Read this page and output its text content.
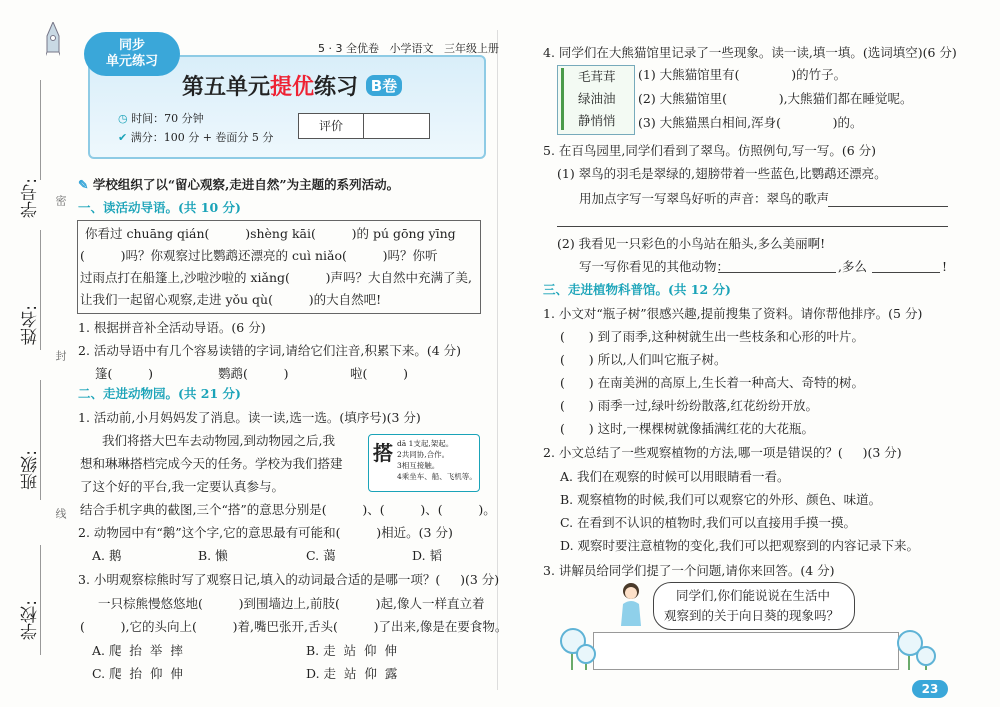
学号:
姓名:
班级:
学校:
密
封
线
5 · 3 全优卷   小学语文   三年级上册
同步
单元练习
第五单元提优练习 B卷
◷ 时间：70 分钟
✔ 满分：100 分 + 卷面分 5 分
评价
✎ 学校组织了以“留心观察,走进自然”为主题的系列活动。
一、读活动导语。(共 10 分)
你看过 chuāng qián(         )shèng kāi(         )的 pú gōng yīng
(         )吗？你观察过比鹦鹉还漂亮的 cuì niǎo(         )吗？你听
过雨点打在船篷上,沙啦沙啦的 xiǎng(         )声吗？大自然中充满了美,
让我们一起留心观察,走进 yǒu qù(         )的大自然吧!
1. 根据拼音补全活动导语。(6 分)
2. 活动导语中有几个容易读错的字词,请给它们注音,积累下来。(4 分)
篷(         )	鹦鹉(         )	啦(         )
二、走进动物园。(共 21 分)
1. 活动前,小月妈妈发了消息。读一读,选一选。(填序号)(3 分)
我们将搭大巴车去动物园,到动物园之后,我
想和琳琳搭档完成今天的任务。学校为我们搭建
了这个好的平台,我一定要认真参与。
搭 dā 1支起,架起。
2共同协,合作。
3相互接触。
4乘坐车、船、飞机等。
结合手机字典的截图,三个“搭”的意思分别是(         )、(         )、(         )。
2. 动物园中有“鹅”这个字,它的意思最有可能和(         )相近。(3 分)
A. 鹅	B. 懒	C. 蔼	D. 韬
3. 小明观察棕熊时写了观察日记,填入的动词最合适的是哪一项？(     )(3 分)
一只棕熊慢悠悠地(         )到围墙边上,前肢(         )起,像人一样直立着
(         ),它的头向上(         )着,嘴巴张开,舌头(         )了出来,像是在要食物。
A. 爬  抬  举  摔	B. 走  站  仰  伸
C. 爬  抬  仰  伸	D. 走  站  仰  露
4. 同学们在大熊猫馆里记录了一些现象。读一读,填一填。(选词填空)(6 分)
毛茸茸
绿油油
静悄悄
(1) 大熊猫馆里有(             )的竹子。
(2) 大熊猫馆里(             ),大熊猫们都在睡觉呢。
(3) 大熊猫黑白相间,浑身(             )的。
5. 在百鸟园里,同学们看到了翠鸟。仿照例句,写一写。(6 分)
(1) 翠鸟的羽毛是翠绿的,翅膀带着一些蓝色,比鹦鹉还漂亮。
用加点字写一写翠鸟好听的声音：翠鸟的歌声
(2) 我看见一只彩色的小鸟站在船头,多么美丽啊!
写一写你看见的其他动物：	,多么	!
三、走进植物科普馆。(共 12 分)
1. 小文对“瓶子树”很感兴趣,提前搜集了资料。请你帮他排序。(5 分)
(      ) 到了雨季,这种树就生出一些枝条和心形的叶片。
(      ) 所以,人们叫它瓶子树。
(      ) 在南美洲的高原上,生长着一种高大、奇特的树。
(      ) 雨季一过,绿叶纷纷散落,红花纷纷开放。
(      ) 这时,一棵棵树就像插满红花的大花瓶。
2. 小文总结了一些观察植物的方法,哪一项是错误的？(     )(3 分)
A. 我们在观察的时候可以用眼睛看一看。
B. 观察植物的时候,我们可以观察它的外形、颜色、味道。
C. 在看到不认识的植物时,我们可以直接用手摸一摸。
D. 观察时要注意植物的变化,我们可以把观察到的内容记录下来。
3. 讲解员给同学们提了一个问题,请你来回答。(4 分)
同学们,你们能说说在生活中
观察到的关于向日葵的现象吗？
23
